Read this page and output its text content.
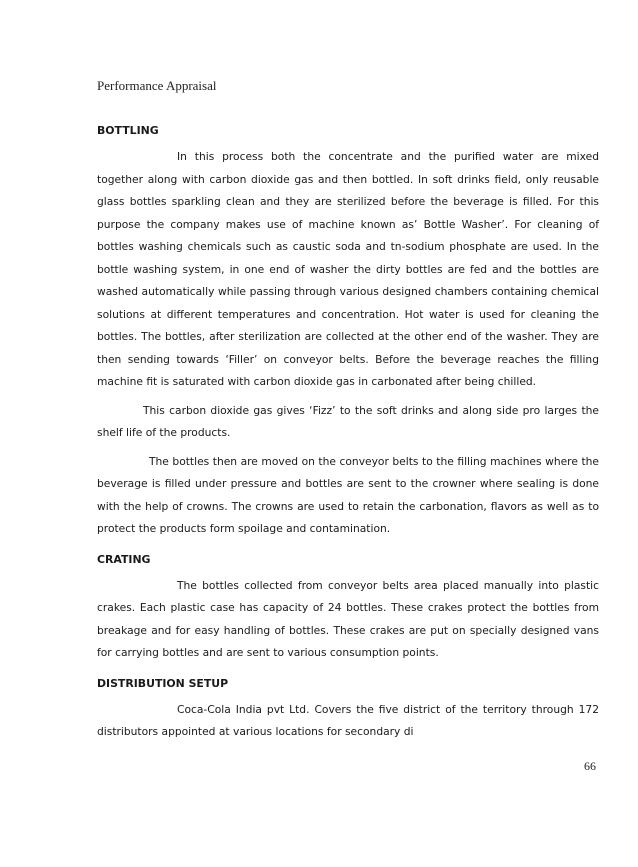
Performance Appraisal
BOTTLING

In this process both the concentrate and the purified water are mixed together along with carbon dioxide gas and then bottled. In soft drinks field, only reusable glass bottles sparkling clean and they are sterilized before the beverage is filled. For this purpose the company makes use of machine known as’ Bottle Washer’. For cleaning of bottles washing chemicals such as caustic soda and tn-sodium phosphate are used. In the bottle washing system, in one end of washer the dirty bottles are fed and the bottles are washed automatically while passing through various designed chambers containing chemical solutions at different temperatures and concentration. Hot water is used for cleaning the bottles. The bottles, after sterilization are collected at the other end of the washer. They are then sending towards ‘Filler’ on conveyor belts. Before the beverage reaches the filling machine fit is saturated with carbon dioxide gas in carbonated after being chilled.

This carbon dioxide gas gives ‘Fizz’ to the soft drinks and along side pro larges the shelf life of the products.

The bottles then are moved on the conveyor belts to the filling machines where the beverage is filled under pressure and bottles are sent to the crowner where sealing is done with the help of crowns. The crowns are used to retain the carbonation, flavors as well as to protect the products form spoilage and contamination.

CRATING

The bottles collected from conveyor belts area placed manually into plastic crakes. Each plastic case has capacity of 24 bottles. These crakes protect the bottles from breakage and for easy handling of bottles. These crakes are put on specially designed vans for carrying bottles and are sent to various consumption points.

DISTRIBUTION SETUP

Coca-Cola India pvt Ltd. Covers the five district of the territory through 172 distributors appointed at various locations for secondary di

66
